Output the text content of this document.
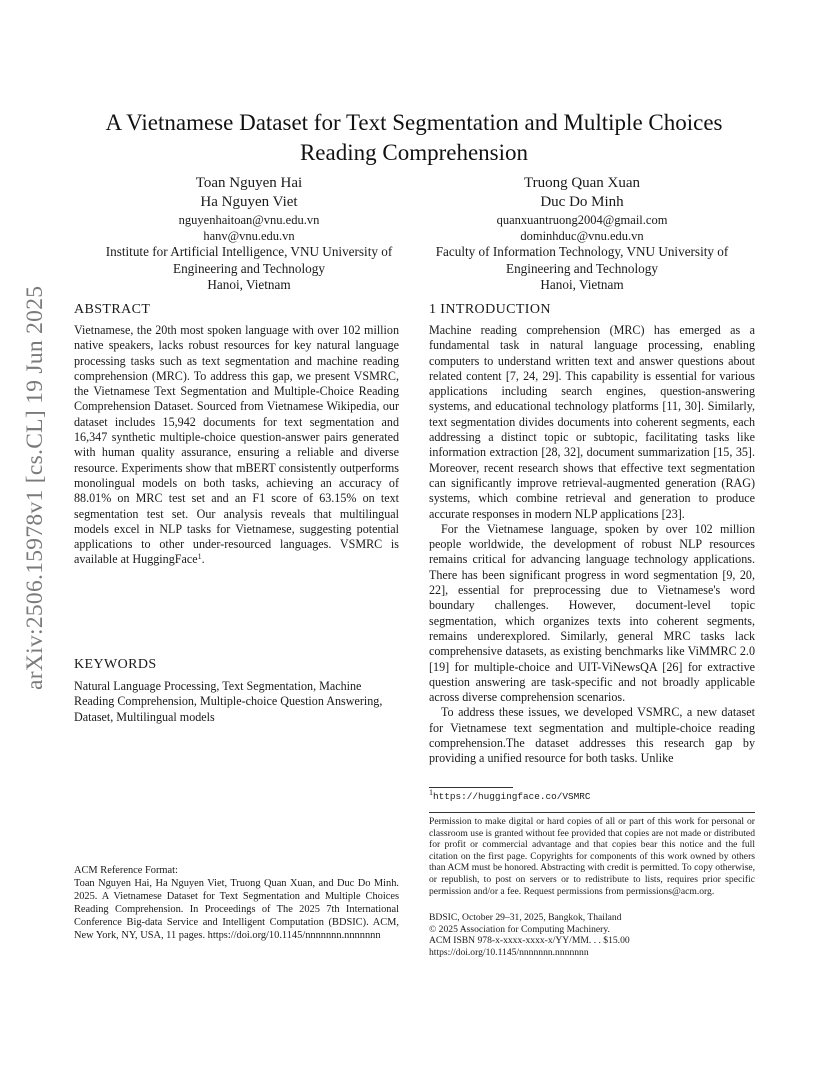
arXiv:2506.15978v1 [cs.CL] 19 Jun 2025
A Vietnamese Dataset for Text Segmentation and Multiple Choices Reading Comprehension
Toan Nguyen Hai
Ha Nguyen Viet
nguyenhaitoan@vnu.edu.vn
hanv@vnu.edu.vn
Institute for Artificial Intelligence, VNU University of
Engineering and Technology
Hanoi, Vietnam
Truong Quan Xuan
Duc Do Minh
quanxuantruong2004@gmail.com
dominhduc@vnu.edu.vn
Faculty of Information Technology, VNU University of
Engineering and Technology
Hanoi, Vietnam
ABSTRACT

Vietnamese, the 20th most spoken language with over 102 million native speakers, lacks robust resources for key natural language processing tasks such as text segmentation and machine reading comprehension (MRC). To address this gap, we present VSMRC, the Vietnamese Text Segmentation and Multiple-Choice Reading Comprehension Dataset. Sourced from Vietnamese Wikipedia, our dataset includes 15,942 documents for text segmentation and 16,347 synthetic multiple-choice question-answer pairs generated with human quality assurance, ensuring a reliable and diverse resource. Experiments show that mBERT consistently outperforms monolingual models on both tasks, achieving an accuracy of 88.01% on MRC test set and an F1 score of 63.15% on text segmentation test set. Our analysis reveals that multilingual models excel in NLP tasks for Vietnamese, suggesting potential applications to other under-resourced languages. VSMRC is available at HuggingFace$^1$.

KEYWORDS
Natural Language Processing, Text Segmentation, Machine Reading Comprehension, Multiple-choice Question Answering, Dataset, Multilingual models
ACM Reference Format:
Toan Nguyen Hai, Ha Nguyen Viet, Truong Quan Xuan, and Duc Do Minh. 2025. A Vietnamese Dataset for Text Segmentation and Multiple Choices Reading Comprehension. In Proceedings of The 2025 7th International Conference Big-data Service and Intelligent Computation (BDSIC). ACM, New York, NY, USA, 11 pages. https://doi.org/10.1145/nnnnnnn.nnnnnnn
1 INTRODUCTION

Machine reading comprehension (MRC) has emerged as a fundamental task in natural language processing, enabling computers to understand written text and answer questions about related content [7, 24, 29]. This capability is essential for various applications including search engines, question-answering systems, and educational technology platforms [11, 30]. Similarly, text segmentation divides documents into coherent segments, each addressing a distinct topic or subtopic, facilitating tasks like information extraction [28, 32], document summarization [15, 35]. Moreover, recent research shows that effective text segmentation can significantly improve retrieval-augmented generation (RAG) systems, which combine retrieval and generation to produce accurate responses in modern NLP applications [23].

For the Vietnamese language, spoken by over 102 million people worldwide, the development of robust NLP resources remains critical for advancing language technology applications. There has been significant progress in word segmentation [9, 20, 22], essential for preprocessing due to Vietnamese's word boundary challenges. However, document-level topic segmentation, which organizes texts into coherent segments, remains underexplored. Similarly, general MRC tasks lack comprehensive datasets, as existing benchmarks like ViMMRC 2.0 [19] for multiple-choice and UIT-ViNewsQA [26] for extractive question answering are task-specific and not broadly applicable across diverse comprehension scenarios.

To address these issues, we developed VSMRC, a new dataset for Vietnamese text segmentation and multiple-choice reading comprehension.The dataset addresses this research gap by providing a unified resource for both tasks. Unlike

$^1$https://huggingface.co/VSMRC
Permission to make digital or hard copies of all or part of this work for personal or classroom use is granted without fee provided that copies are not made or distributed for profit or commercial advantage and that copies bear this notice and the full citation on the first page. Copyrights for components of this work owned by others than ACM must be honored. Abstracting with credit is permitted. To copy otherwise, or republish, to post on servers or to redistribute to lists, requires prior specific permission and/or a fee. Request permissions from permissions@acm.org.
BDSIC, October 29–31, 2025, Bangkok, Thailand
© 2025 Association for Computing Machinery.
ACM ISBN 978-x-xxxx-xxxx-x/YY/MM. . . $15.00
https://doi.org/10.1145/nnnnnnn.nnnnnnn
